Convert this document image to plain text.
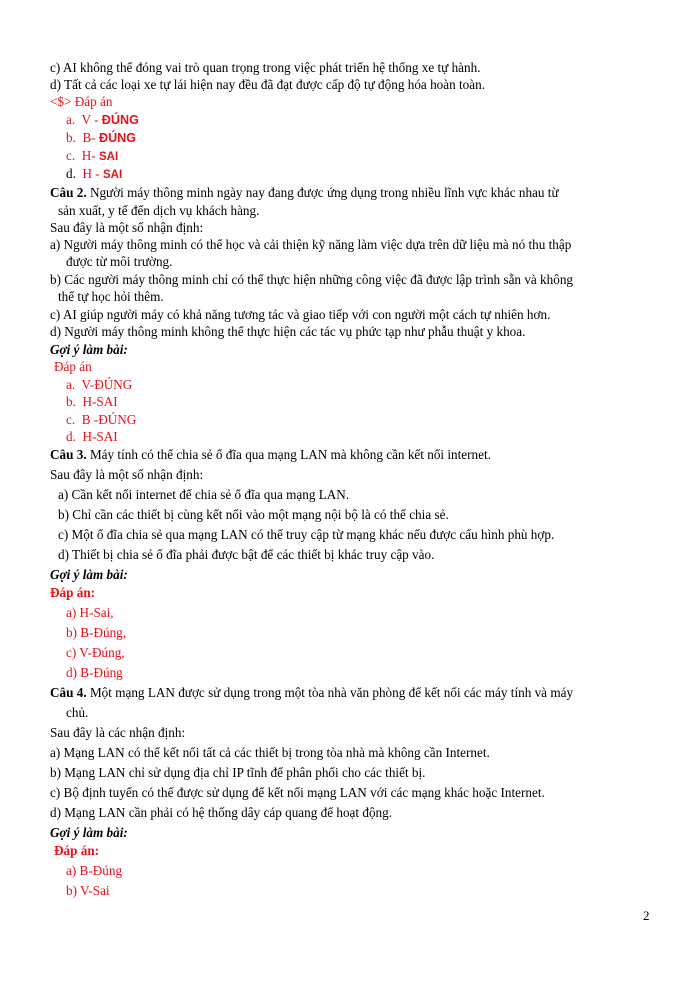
c) AI không thể đóng vai trò quan trọng trong việc phát triển hệ thống xe tự hành.
d) Tất cả các loại xe tự lái hiện nay đều đã đạt được cấp độ tự động hóa hoàn toàn.
<$> Đáp án
a. V - ĐÚNG
b. B- ĐÚNG
c. H- SAI
d. H - SAI
Câu 2. Người máy thông minh ngày nay đang được ứng dụng trong nhiều lĩnh vực khác nhau từ
sản xuất, y tế đến dịch vụ khách hàng.
Sau đây là một số nhận định:
a) Người máy thông minh có thể học và cải thiện kỹ năng làm việc dựa trên dữ liệu mà nó thu thập
được từ môi trường.
b) Các người máy thông minh chỉ có thể thực hiện những công việc đã được lập trình sẵn và không
thể tự học hỏi thêm.
c) AI giúp người máy có khả năng tương tác và giao tiếp với con người một cách tự nhiên hơn.
d) Người máy thông minh không thể thực hiện các tác vụ phức tạp như phẫu thuật y khoa.
Gợi ý làm bài:
Đáp án
a. V-ĐÚNG
b. H-SAI
c. B -ĐÚNG
d. H-SAI
Câu 3. Máy tính có thể chia sẻ ổ đĩa qua mạng LAN mà không cần kết nối internet.
Sau đây là một số nhận định:
a) Cần kết nối internet để chia sẻ ổ đĩa qua mạng LAN.
b) Chỉ cần các thiết bị cùng kết nối vào một mạng nội bộ là có thể chia sẻ.
c) Một ổ đĩa chia sẻ qua mạng LAN có thể truy cập từ mạng khác nếu được cấu hình phù hợp.
d) Thiết bị chia sẻ ổ đĩa phải được bật để các thiết bị khác truy cập vào.
Gợi ý làm bài:
Đáp án:
a) H-Sai,
b) B-Đúng,
c) V-Đúng,
d) B-Đúng
Câu 4. Một mạng LAN được sử dụng trong một tòa nhà văn phòng để kết nối các máy tính và máy
chủ.
Sau đây là các nhận định:
a) Mạng LAN có thể kết nối tất cả các thiết bị trong tòa nhà mà không cần Internet.
b) Mạng LAN chỉ sử dụng địa chỉ IP tĩnh để phân phối cho các thiết bị.
c) Bộ định tuyến có thể được sử dụng để kết nối mạng LAN với các mạng khác hoặc Internet.
d) Mạng LAN cần phải có hệ thống dây cáp quang để hoạt động.
Gợi ý làm bài:
Đáp án:
a) B-Đúng
b) V-Sai
2
